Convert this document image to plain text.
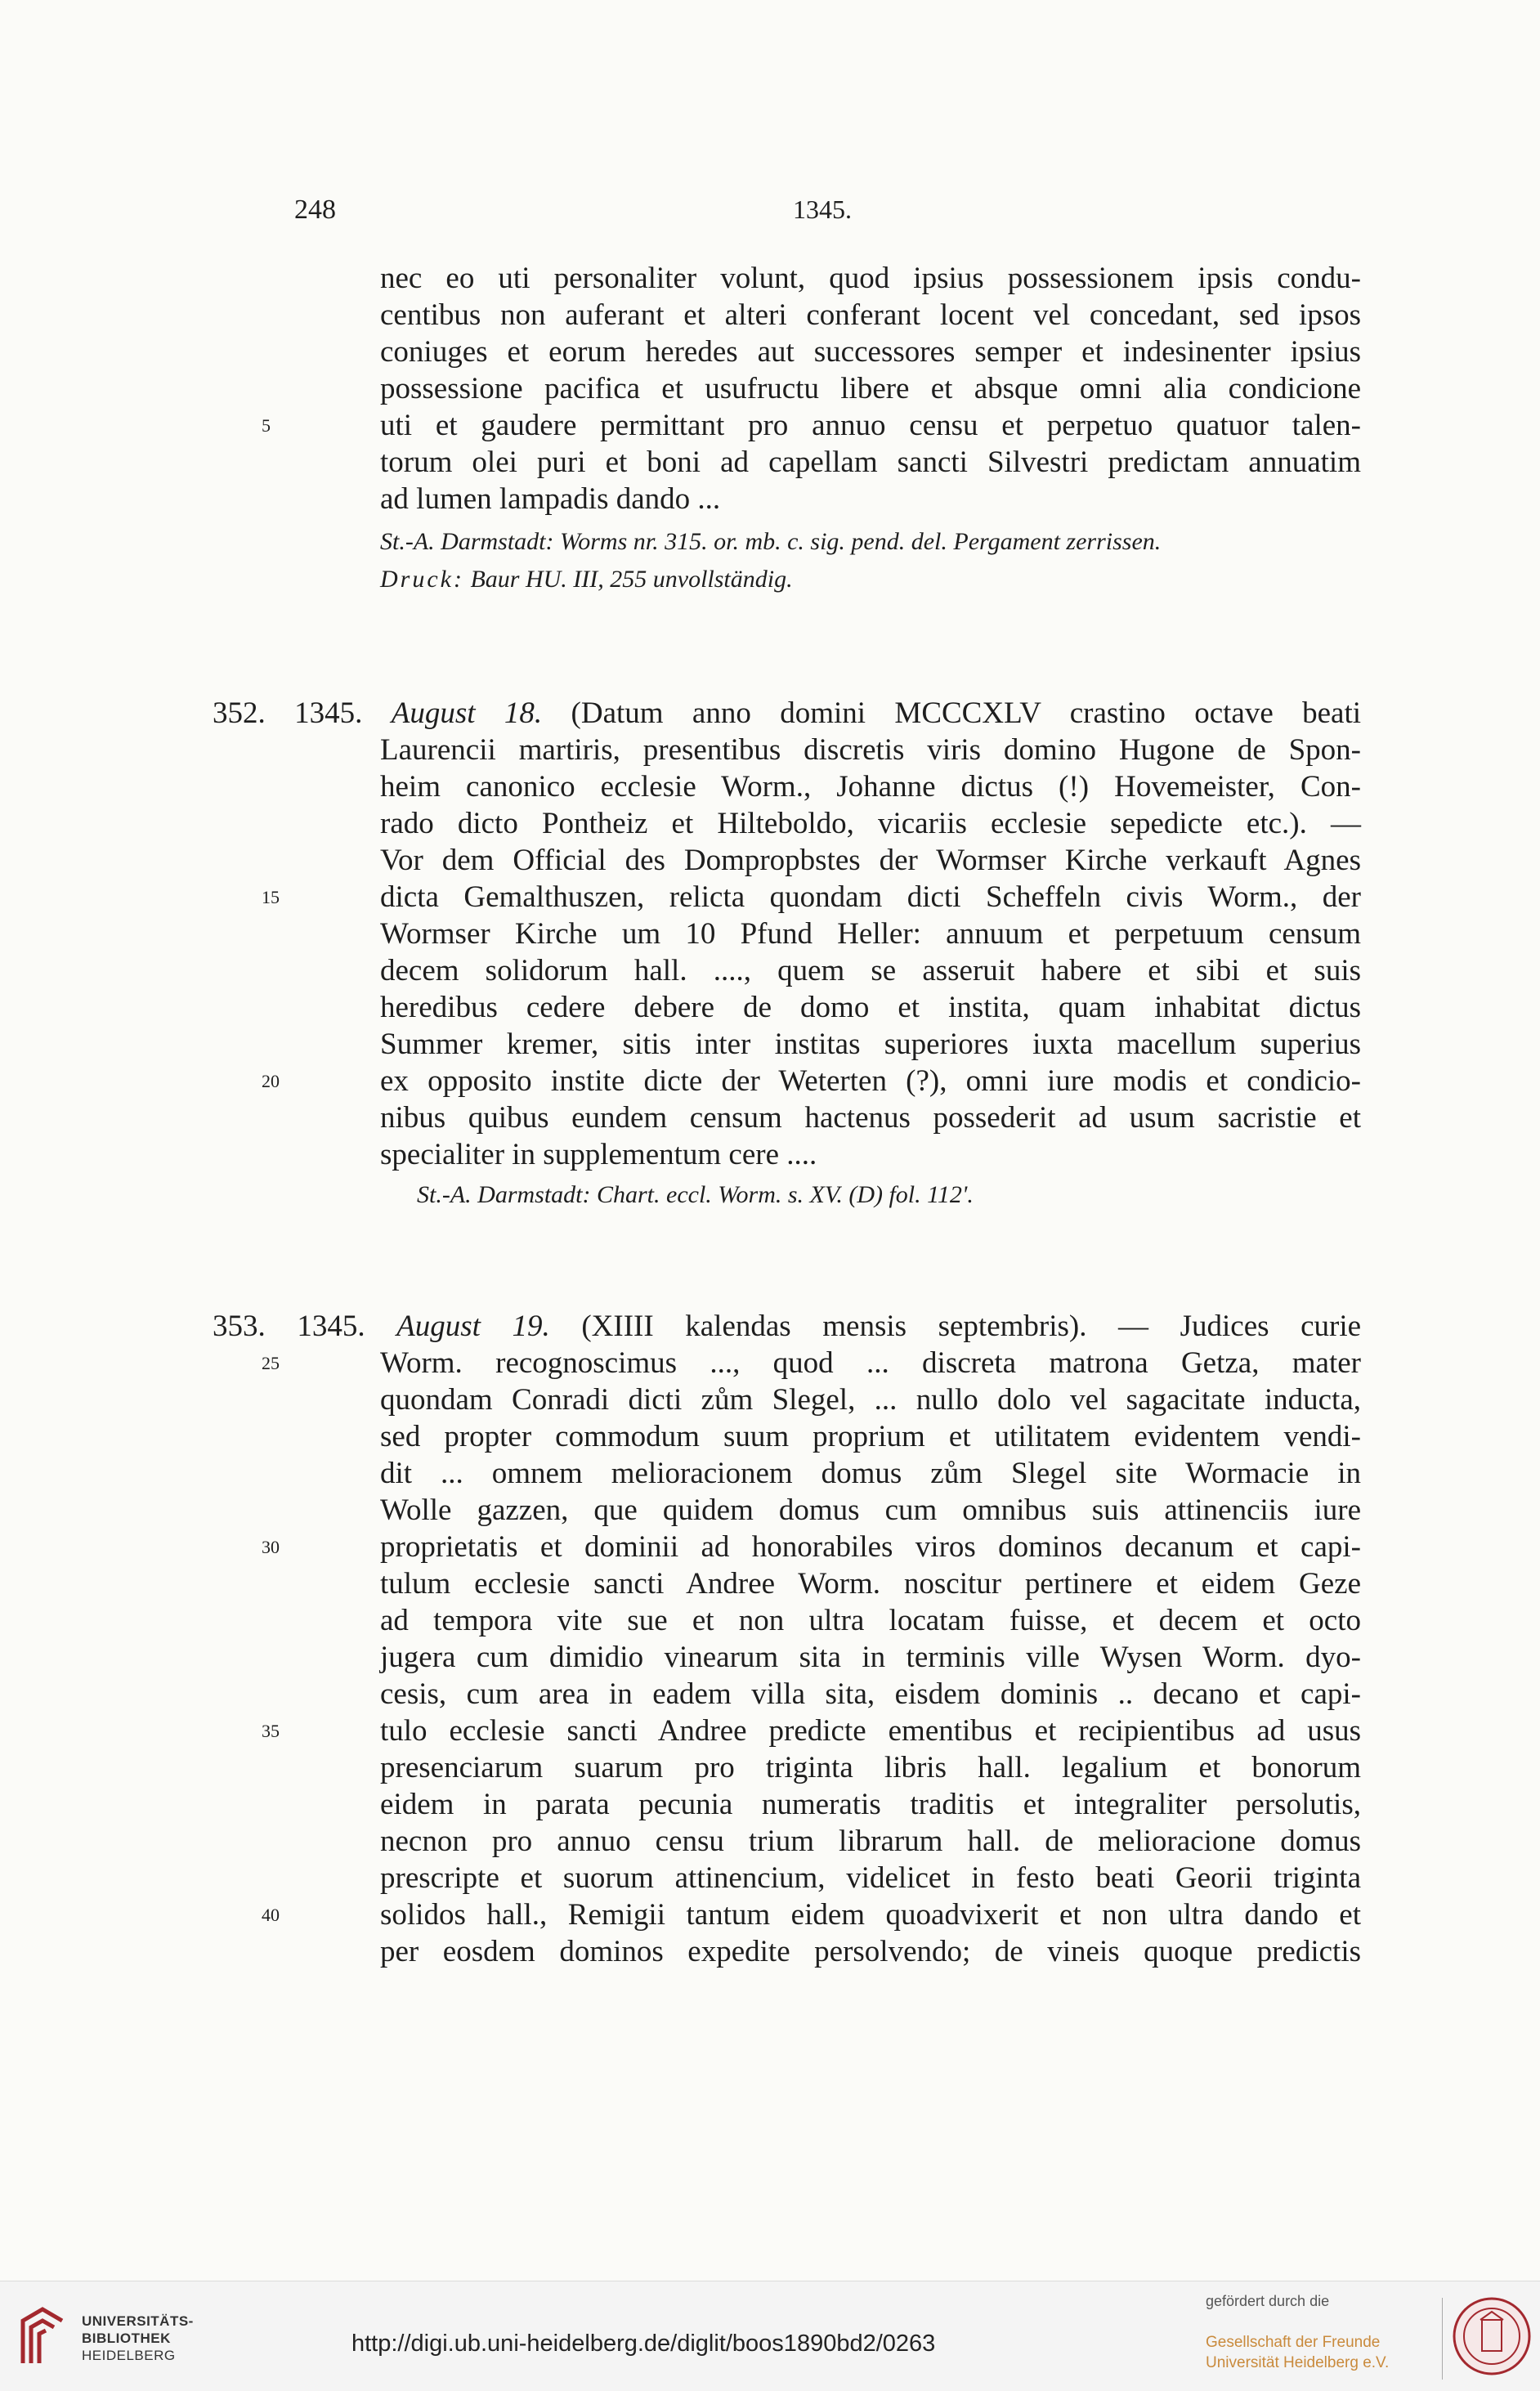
248	1345.
nec eo uti personaliter volunt, quod ipsius possessionem ipsis condu-
centibus non auferant et alteri conferant locent vel concedant, sed ipsos
coniuges et eorum heredes aut successores semper et indesinenter ipsius
possessione pacifica et usufructu libere et absque omni alia condicione
5	uti et gaudere permittant pro annuo censu et perpetuo quatuor talen-
torum olei puri et boni ad capellam sancti Silvestri predictam annuatim
ad lumen lampadis dando ...
St.-A. Darmstadt: Worms nr. 315. or. mb. c. sig. pend. del. Pergament zerrissen.
Druck: Baur HU. III, 255 unvollständig.
352. 1345. August 18. (Datum anno domini MCCCXLV crastino octave beati
Laurencii martiris, presentibus discretis viris domino Hugone de Spon-
heim canonico ecclesie Worm., Johanne dictus (!) Hovemeister, Con-
rado dicto Pontheiz et Hilteboldo, vicariis ecclesie sepedicte etc.). —
Vor dem Official des Dompropbstes der Wormser Kirche verkauft Agnes
15	dicta Gemalthuszen, relicta quondam dicti Scheffeln civis Worm., der
Wormser Kirche um 10 Pfund Heller: annuum et perpetuum censum
decem solidorum hall. ...., quem se asseruit habere et sibi et suis
heredibus cedere debere de domo et instita, quam inhabitat dictus
Summer kremer, sitis inter institas superiores iuxta macellum superius
20	ex opposito instite dicte der Weterten (?), omni iure modis et condicio-
nibus quibus eundem censum hactenus possederit ad usum sacristie et
specialiter in supplementum cere ....
St.-A. Darmstadt: Chart. eccl. Worm. s. XV. (D) fol. 112'.
353. 1345. August 19. (XIIII kalendas mensis septembris). — Judices curie
25	Worm. recognoscimus ..., quod ... discreta matrona Getza, mater
quondam Conradi dicti zům Slegel, ... nullo dolo vel sagacitate inducta,
sed propter commodum suum proprium et utilitatem evidentem vendi-
dit ... omnem melioracionem domus zům Slegel site Wormacie in
Wolle gazzen, que quidem domus cum omnibus suis attinenciis iure
30	proprietatis et dominii ad honorabiles viros dominos decanum et capi-
tulum ecclesie sancti Andree Worm. noscitur pertinere et eidem Geze
ad tempora vite sue et non ultra locatam fuisse, et decem et octo
jugera cum dimidio vinearum sita in terminis ville Wysen Worm. dyo-
cesis, cum area in eadem villa sita, eisdem dominis .. decano et capi-
35	tulo ecclesie sancti Andree predicte ementibus et recipientibus ad usus
presenciarum suarum pro triginta libris hall. legalium et bonorum
eidem in parata pecunia numeratis traditis et integraliter persolutis,
necnon pro annuo censu trium librarum hall. de melioracione domus
prescripte et suorum attinencium, videlicet in festo beati Georii triginta
40	solidos hall., Remigii tantum eidem quoadvixerit et non ultra dando et
per eosdem dominos expedite persolvendo; de vineis quoque predictis
UNIVERSITÄTS-
BIBLIOTHEK
HEIDELBERG	http://digi.ub.uni-heidelberg.de/diglit/boos1890bd2/0263
gefördert durch die
Gesellschaft der Freunde
Universität Heidelberg e.V.
